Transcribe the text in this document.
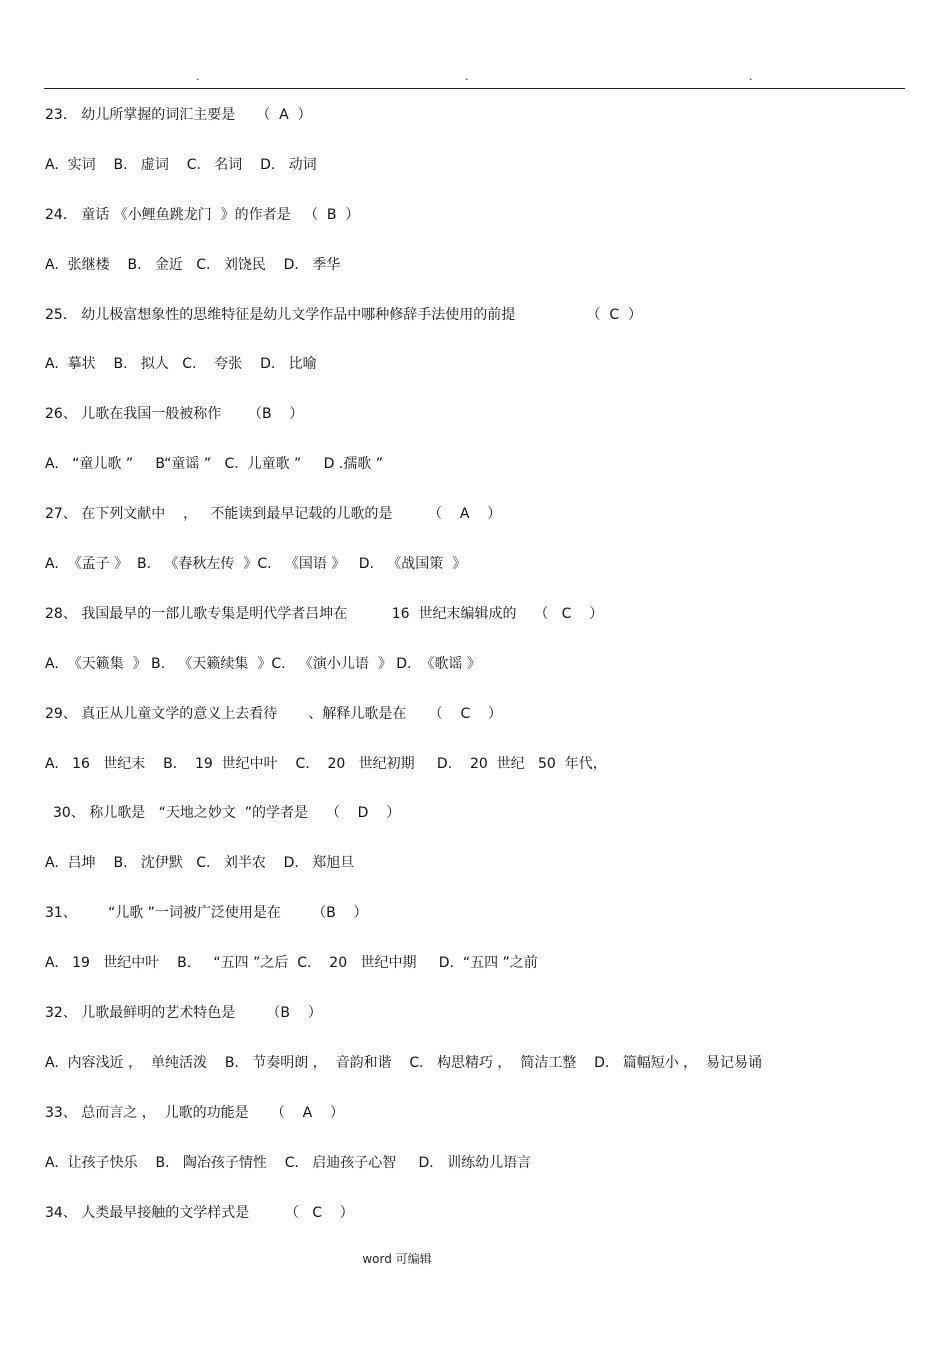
.	.	.
23． 幼儿所掌握的词汇主要是　　（  A  ）
A.  实词    B.   虚词    C.   名词    D.   动词
24． 童话 《小鲤鱼跳龙门  》的作者是   （  B  ）
A.  张继楼    B.   金近   C.   刘饶民    D.   季华
25． 幼儿极富想象性的思维特征是幼儿文学作品中哪种修辞手法使用的前提                （  C  ）
A.  摹状    B.   拟人   C.    夸张    D.   比喻
26、 儿歌在我国一般被称作      （B    ）
A.   “童儿歌 ”     B“童谣 ”   C.  儿童歌 ”     D .孺歌 ”
27、 在下列文献中    ，   不能读到最早记载的儿歌的是        （    A    ）
A.  《孟子 》  B.   《春秋左传  》C.   《国语 》   D.   《战国策  》
28、 我国最早的一部儿歌专集是明代学者吕坤在          16  世纪末编辑成的    （   C    ）
A.  《天籁集  》 B.   《天籁续集  》C.   《演小儿语  》 D.  《歌谣 》
29、 真正从儿童文学的意义上去看待       、解释儿歌是在     （    C    ）
A.   16   世纪末    B.    19  世纪中叶    C.    20   世纪初期     D.    20  世纪   50  年代，
30、 称儿歌是   “天地之妙文  ”的学者是    （    D    ）
A.  吕坤    B.   沈伊默   C.   刘半农    D.   郑旭旦
31、       “儿歌 ”一词被广泛使用是在       （B    ）
A.   19   世纪中叶    B.     “五四 ”之后  C.    20   世纪中期     D.  “五四 ”之前
32、 儿歌最鲜明的艺术特色是       （B    ）
A.  内容浅近 ，  单纯活泼    B.   节奏明朗 ，  音韵和谐    C.   构思精巧 ，  简洁工整    D.   篇幅短小 ，  易记易诵
33、 总而言之 ，  儿歌的功能是     （    A    ）
A.  让孩子快乐    B.   陶冶孩子情性    C.   启迪孩子心智     D.   训练幼儿语言
34、 人类最早接触的文学样式是        （   C    ）
word 可编辑
